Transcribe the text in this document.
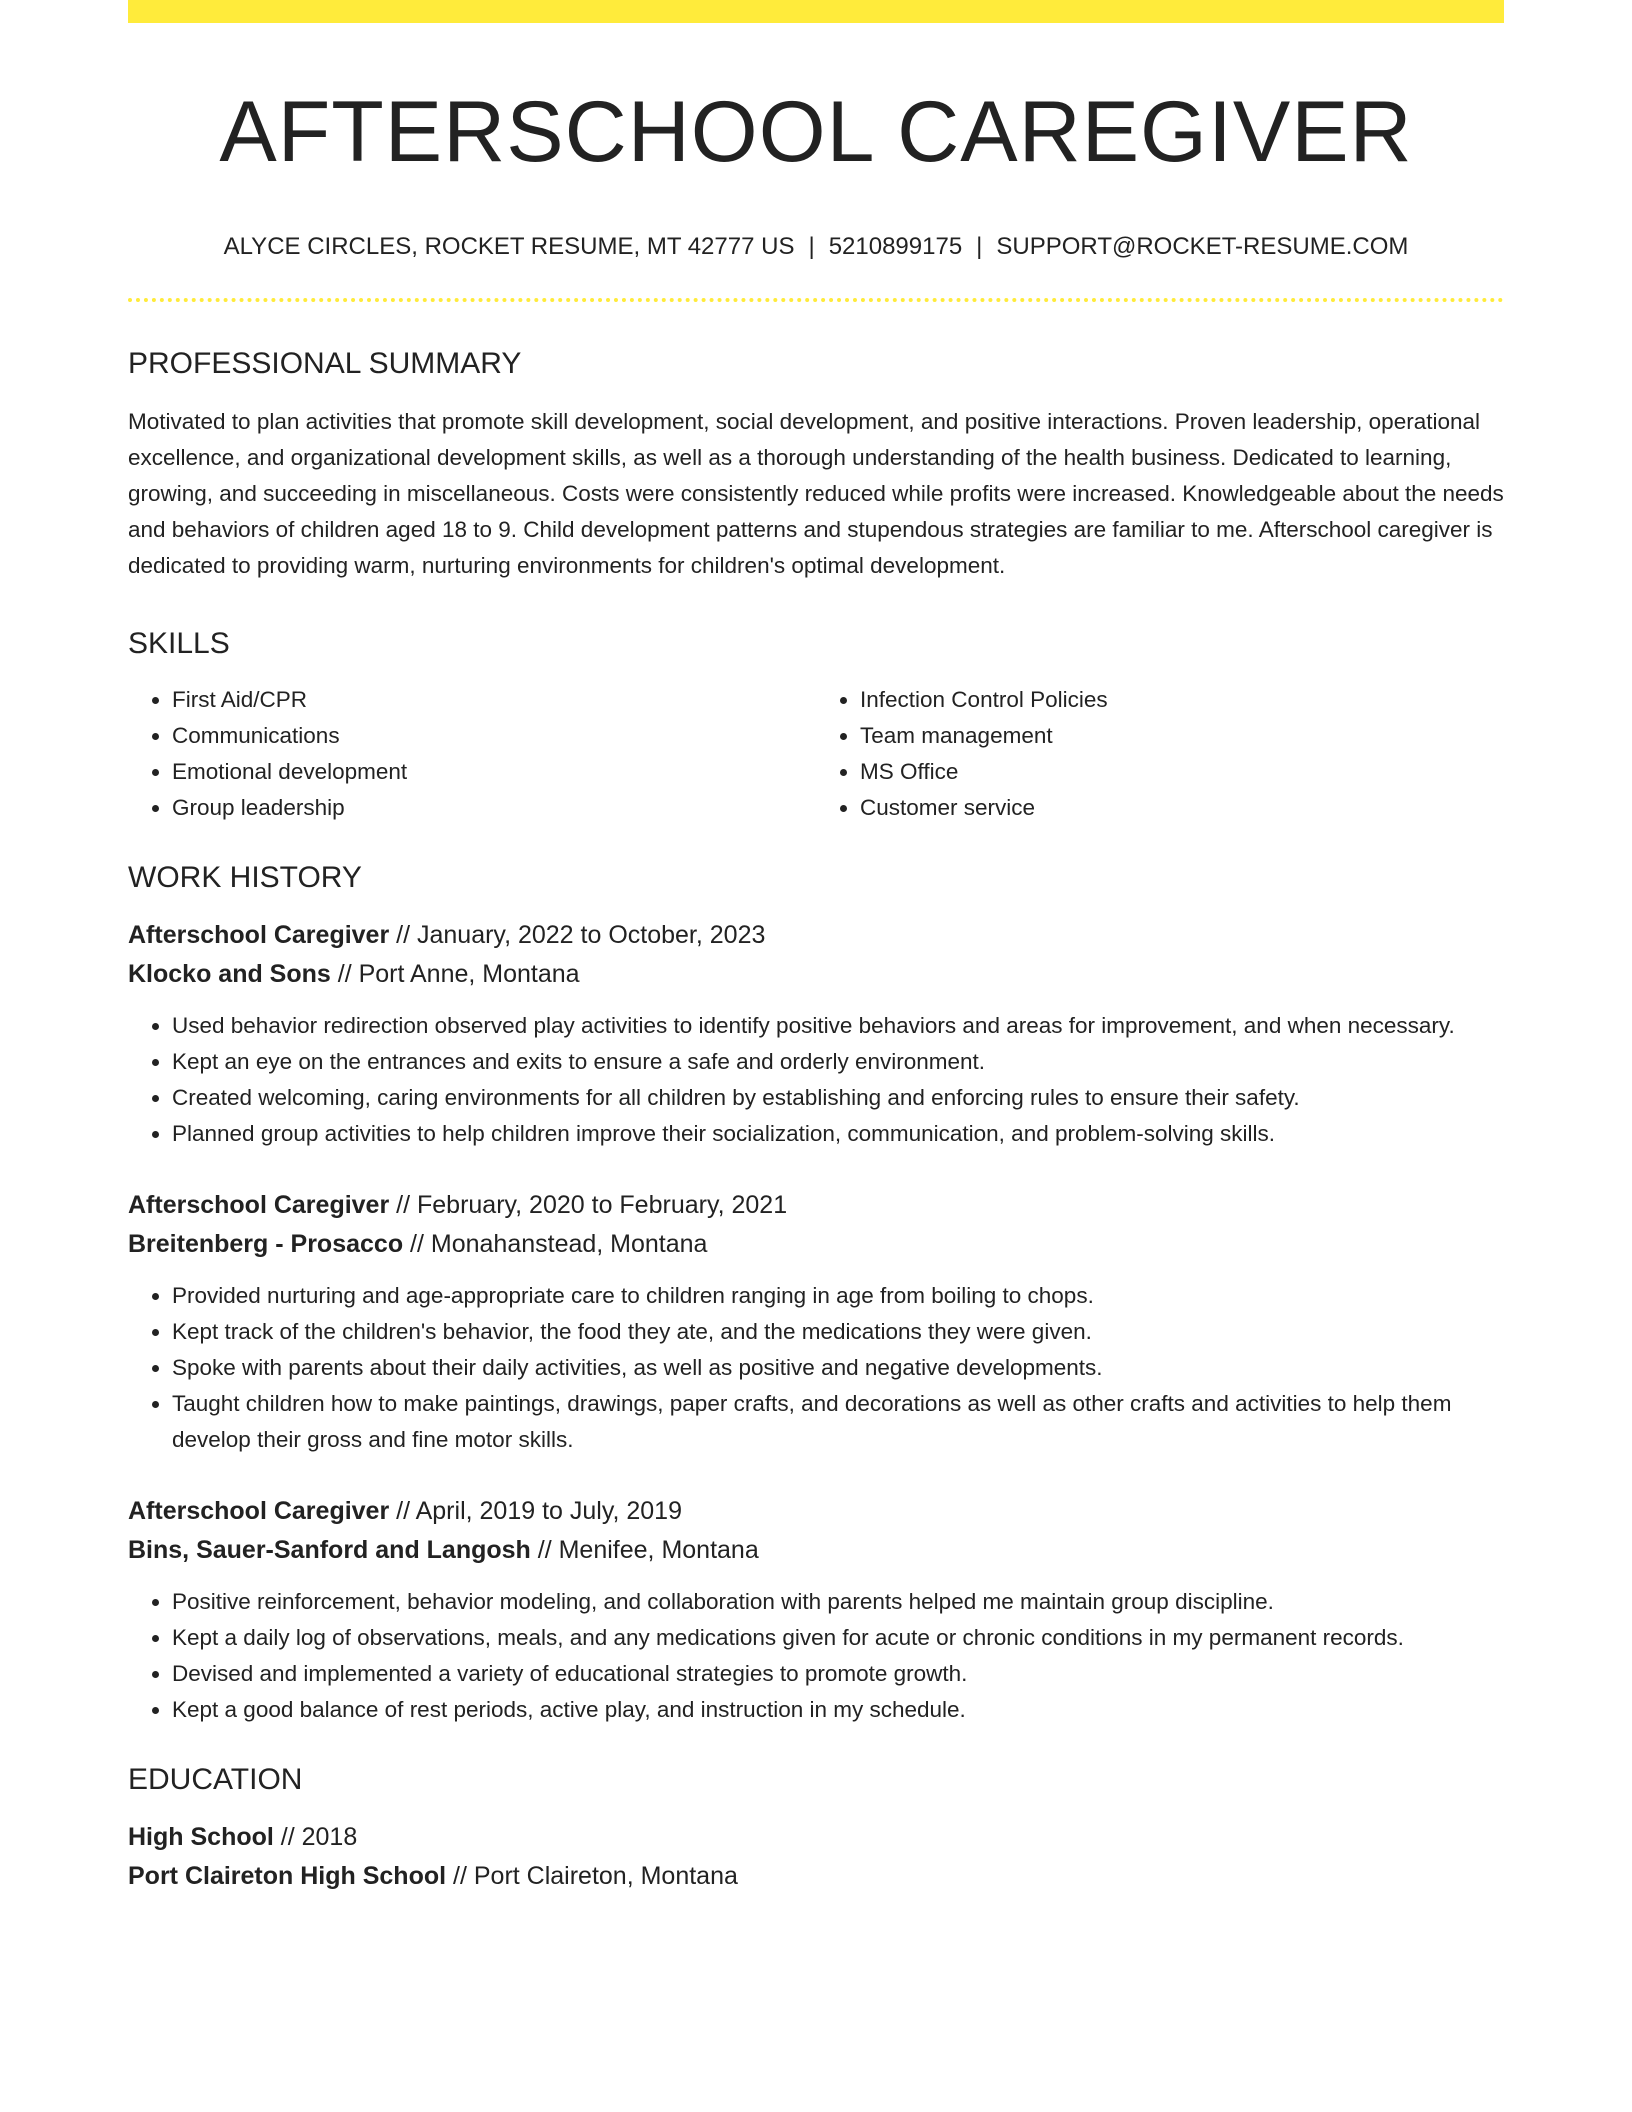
AFTERSCHOOL CAREGIVER
ALYCE CIRCLES, ROCKET RESUME, MT 42777 US | 5210899175 | SUPPORT@ROCKET-RESUME.COM
PROFESSIONAL SUMMARY
Motivated to plan activities that promote skill development, social development, and positive interactions. Proven leadership, operational excellence, and organizational development skills, as well as a thorough understanding of the health business. Dedicated to learning, growing, and succeeding in miscellaneous. Costs were consistently reduced while profits were increased. Knowledgeable about the needs and behaviors of children aged 18 to 9. Child development patterns and stupendous strategies are familiar to me. Afterschool caregiver is dedicated to providing warm, nurturing environments for children's optimal development.
SKILLS
• First Aid/CPR
• Communications
• Emotional development
• Group leadership
• Infection Control Policies
• Team management
• MS Office
• Customer service
WORK HISTORY
Afterschool Caregiver // January, 2022 to October, 2023
Klocko and Sons // Port Anne, Montana
• Used behavior redirection observed play activities to identify positive behaviors and areas for improvement, and when necessary.
• Kept an eye on the entrances and exits to ensure a safe and orderly environment.
• Created welcoming, caring environments for all children by establishing and enforcing rules to ensure their safety.
• Planned group activities to help children improve their socialization, communication, and problem-solving skills.
Afterschool Caregiver // February, 2020 to February, 2021
Breitenberg - Prosacco // Monahanstead, Montana
• Provided nurturing and age-appropriate care to children ranging in age from boiling to chops.
• Kept track of the children's behavior, the food they ate, and the medications they were given.
• Spoke with parents about their daily activities, as well as positive and negative developments.
• Taught children how to make paintings, drawings, paper crafts, and decorations as well as other crafts and activities to help them develop their gross and fine motor skills.
Afterschool Caregiver // April, 2019 to July, 2019
Bins, Sauer-Sanford and Langosh // Menifee, Montana
• Positive reinforcement, behavior modeling, and collaboration with parents helped me maintain group discipline.
• Kept a daily log of observations, meals, and any medications given for acute or chronic conditions in my permanent records.
• Devised and implemented a variety of educational strategies to promote growth.
• Kept a good balance of rest periods, active play, and instruction in my schedule.
EDUCATION
High School // 2018
Port Claireton High School // Port Claireton, Montana
